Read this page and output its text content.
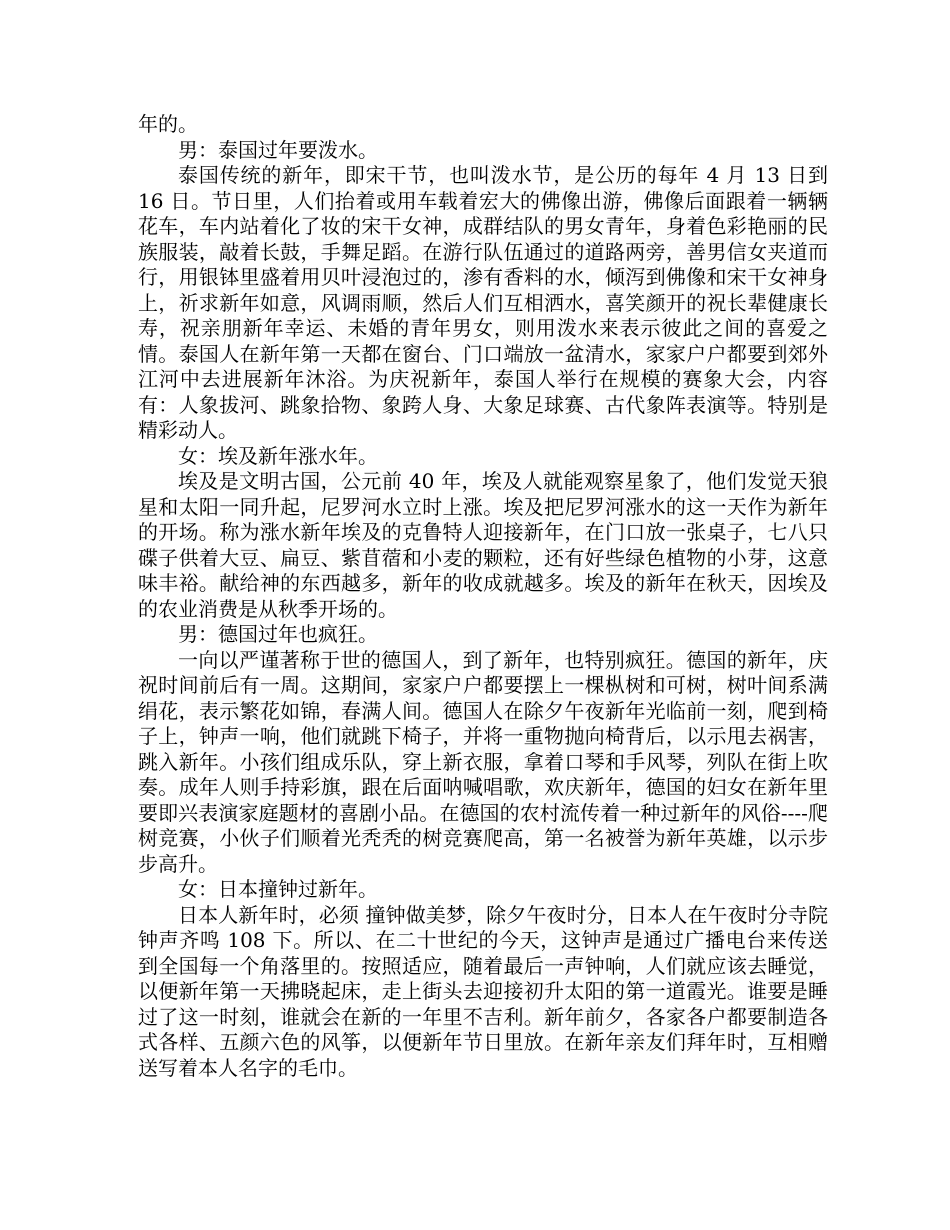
年的。

男：泰国过年要泼水。

泰国传统的新年，即宋干节，也叫泼水节，是公历的每年 4 月 13 日到 16 日。节日里，人们抬着或用车载着宏大的佛像出游，佛像后面跟着一辆辆花车，车内站着化了妆的宋干女神，成群结队的男女青年，身着色彩艳丽的民族服装，敲着长鼓，手舞足蹈。在游行队伍通过的道路两旁，善男信女夹道而行，用银钵里盛着用贝叶浸泡过的，渗有香料的水，倾泻到佛像和宋干女神身上，祈求新年如意，风调雨顺，然后人们互相洒水，喜笑颜开的祝长辈健康长寿，祝亲朋新年幸运、未婚的青年男女，则用泼水来表示彼此之间的喜爱之情。泰国人在新年第一天都在窗台、门口端放一盆清水，家家户户都要到郊外江河中去进展新年沐浴。为庆祝新年，泰国人举行在规模的赛象大会，内容有：人象拔河、跳象拾物、象跨人身、大象足球赛、古代象阵表演等。特别是精彩动人。

女：埃及新年涨水年。

埃及是文明古国，公元前 40 年，埃及人就能观察星象了，他们发觉天狼星和太阳一同升起，尼罗河水立时上涨。埃及把尼罗河涨水的这一天作为新年的开场。称为涨水新年埃及的克鲁特人迎接新年，在门口放一张桌子，七八只碟子供着大豆、扁豆、紫苜蓿和小麦的颗粒，还有好些绿色植物的小芽，这意味丰裕。献给神的东西越多，新年的收成就越多。埃及的新年在秋天，因埃及的农业消费是从秋季开场的。

男：德国过年也疯狂。

一向以严谨著称于世的德国人，到了新年，也特别疯狂。德国的新年，庆祝时间前后有一周。这期间，家家户户都要摆上一棵枞树和可树，树叶间系满绢花，表示繁花如锦，春满人间。德国人在除夕午夜新年光临前一刻，爬到椅子上，钟声一响，他们就跳下椅子，并将一重物抛向椅背后，以示甩去祸害，跳入新年。小孩们组成乐队，穿上新衣服，拿着口琴和手风琴，列队在街上吹奏。成年人则手持彩旗，跟在后面呐喊唱歌，欢庆新年，德国的妇女在新年里要即兴表演家庭题材的喜剧小品。在德国的农村流传着一种过新年的风俗----爬树竞赛，小伙子们顺着光秃秃的树竞赛爬高，第一名被誉为新年英雄，以示步步高升。

女：日本撞钟过新年。

日本人新年时，必须 撞钟做美梦，除夕午夜时分，日本人在午夜时分寺院钟声齐鸣 108 下。所以、在二十世纪的今天，这钟声是通过广播电台来传送到全国每一个角落里的。按照适应，随着最后一声钟响，人们就应该去睡觉，以便新年第一天拂晓起床，走上街头去迎接初升太阳的第一道霞光。谁要是睡过了这一时刻，谁就会在新的一年里不吉利。新年前夕，各家各户都要制造各式各样、五颜六色的风筝，以便新年节日里放。在新年亲友们拜年时，互相赠送写着本人名字的毛巾。
